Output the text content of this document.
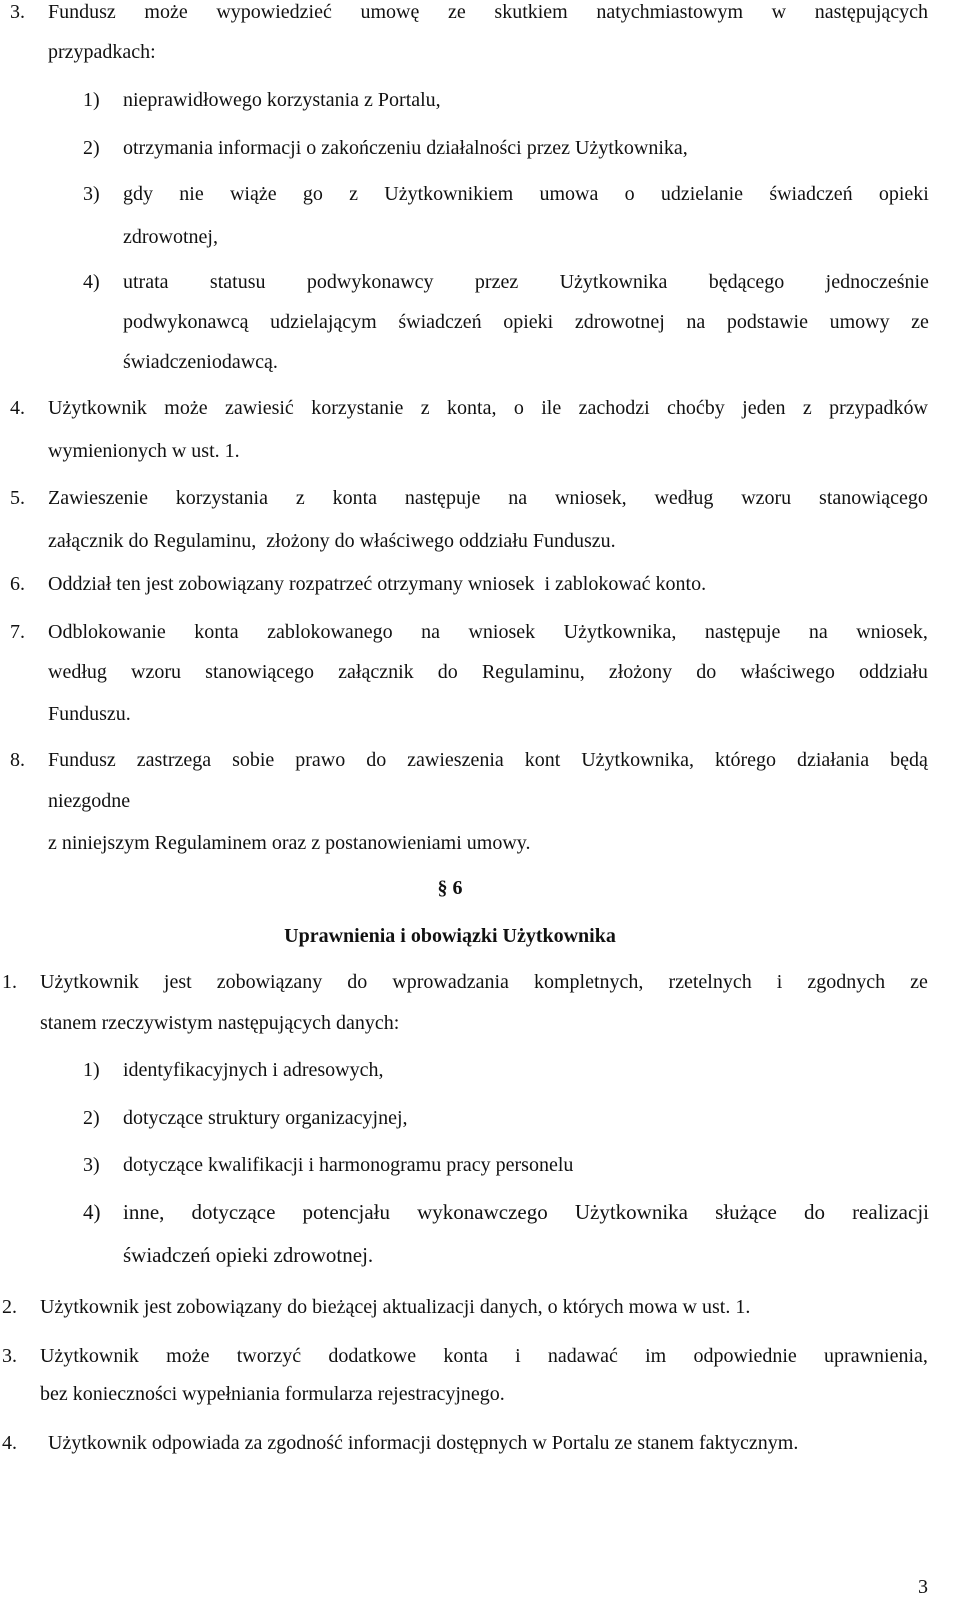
3. Fundusz może wypowiedzieć umowę ze skutkiem natychmiastowym w następujących
przypadkach:
1) nieprawidłowego korzystania z Portalu,
2) otrzymania informacji o zakończeniu działalności przez Użytkownika,
3) gdy nie wiąże go z Użytkownikiem umowa o udzielanie świadczeń opieki
zdrowotnej,
4) utrata statusu podwykonawcy przez Użytkownika będącego jednocześnie
podwykonawcą udzielającym świadczeń opieki zdrowotnej na podstawie umowy ze
świadczeniodawcą.
4. Użytkownik może zawiesić korzystanie z konta, o ile zachodzi choćby jeden z przypadków
wymienionych w ust. 1.
5. Zawieszenie korzystania z konta następuje na wniosek, według wzoru stanowiącego
załącznik do Regulaminu,  złożony do właściwego oddziału Funduszu.
6. Oddział ten jest zobowiązany rozpatrzeć otrzymany wniosek  i zablokować konto.
7. Odblokowanie konta zablokowanego na wniosek Użytkownika, następuje na wniosek,
według wzoru stanowiącego załącznik do Regulaminu, złożony do właściwego oddziału
Funduszu.
8. Fundusz zastrzega sobie prawo do zawieszenia kont Użytkownika, którego działania będą
niezgodne
z niniejszym Regulaminem oraz z postanowieniami umowy.
§ 6
Uprawnienia i obowiązki Użytkownika
1. Użytkownik jest zobowiązany do wprowadzania kompletnych, rzetelnych i zgodnych ze
stanem rzeczywistym następujących danych:
1) identyfikacyjnych i adresowych,
2) dotyczące struktury organizacyjnej,
3) dotyczące kwalifikacji i harmonogramu pracy personelu
4) inne, dotyczące potencjału wykonawczego Użytkownika służące do realizacji
świadczeń opieki zdrowotnej.
2. Użytkownik jest zobowiązany do bieżącej aktualizacji danych, o których mowa w ust. 1.
3. Użytkownik może tworzyć dodatkowe konta i nadawać im odpowiednie uprawnienia,
bez konieczności wypełniania formularza rejestracyjnego.
4. Użytkownik odpowiada za zgodność informacji dostępnych w Portalu ze stanem faktycznym.
3
